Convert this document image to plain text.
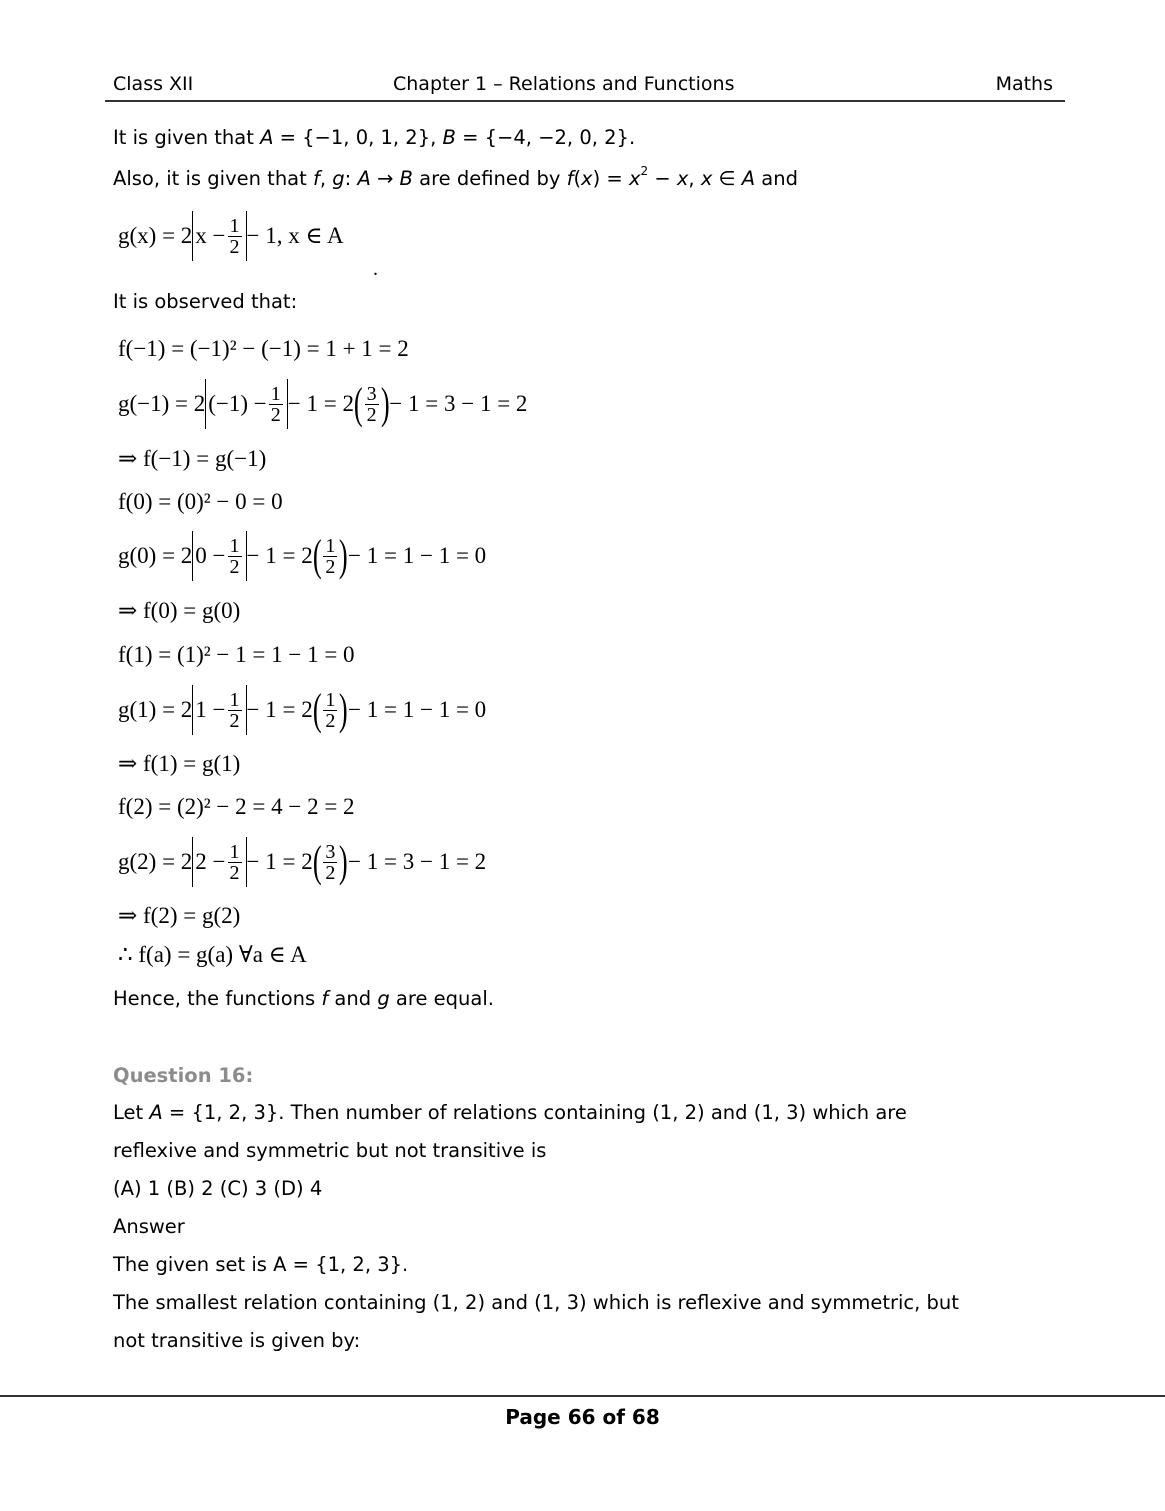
Class XII	Chapter 1 – Relations and Functions	Maths
It is given that A = {−1, 0, 1, 2}, B = {−4, −2, 0, 2}.
Also, it is given that f, g: A → B are defined by $f(x) = x^2 - x$, x ∈ A and
g(x) = 2 $x - \frac{1}{2} - 1$, x ∈ A
.
It is observed that:
f(−1) = (−1)² − (−1) = 1 + 1 = 2
g(−1) = 2 $(-1) - \frac{1}{2} - 1 = 2$ ( $\frac{3}{2}$ ) − 1 = 3 − 1 = 2
⇒ f(−1) = g(−1)
f(0) = (0)² − 0 = 0
g(0) = 2 $0 - \frac{1}{2} - 1 = 2$ ( $\frac{1}{2}$ ) − 1 = 1 − 1 = 0
⇒ f(0) = g(0)
f(1) = (1)² − 1 = 1 − 1 = 0
g(1) = 2 $1 - \frac{1}{2} - 1 = 2$ ( $\frac{1}{2}$ ) − 1 = 1 − 1 = 0
⇒ f(1) = g(1)
f(2) = (2)² − 2 = 4 − 2 = 2
g(2) = 2 $2 - \frac{1}{2} - 1 = 2$ ( $\frac{3}{2}$ ) − 1 = 3 − 1 = 2
⇒ f(2) = g(2)
∴ f(a) = g(a) ∀a ∈ A
Hence, the functions f and g are equal.
Question 16:
Let A = {1, 2, 3}. Then number of relations containing (1, 2) and (1, 3) which are
reflexive and symmetric but not transitive is
(A) 1 (B) 2 (C) 3 (D) 4
Answer
The given set is A = {1, 2, 3}.
The smallest relation containing (1, 2) and (1, 3) which is reflexive and symmetric, but
not transitive is given by:
Page 66 of 68
